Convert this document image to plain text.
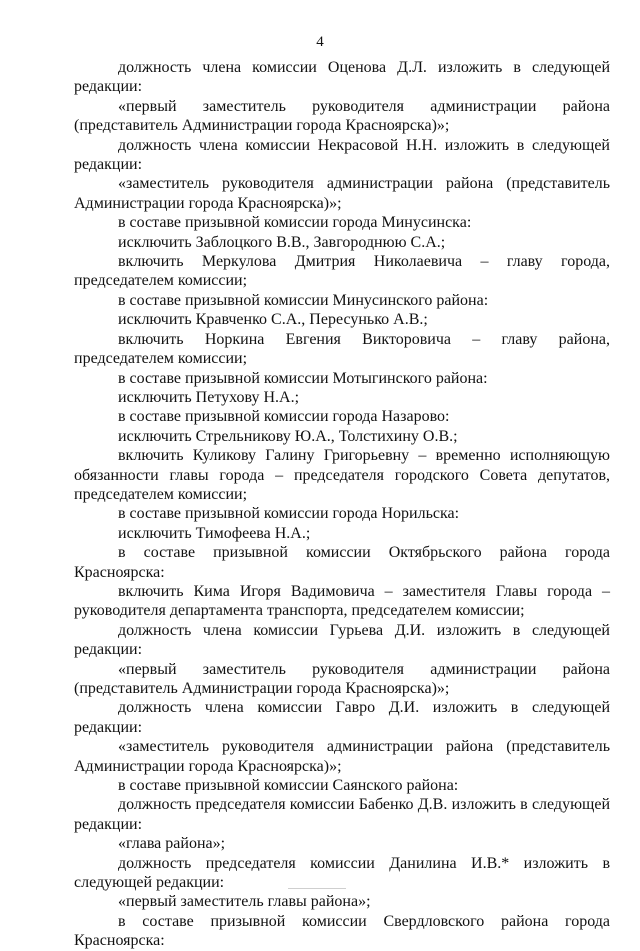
4

должность члена комиссии Оценова Д.Л. изложить в следующей редакции:

«первый заместитель руководителя администрации района (представитель Администрации города Красноярска)»;

должность члена комиссии Некрасовой Н.Н. изложить в следующей редакции:

«заместитель руководителя администрации района (представитель Администрации города Красноярска)»;

в составе призывной комиссии города Минусинска:

исключить Заблоцкого В.В., Завгороднюю С.А.;

включить Меркулова Дмитрия Николаевича – главу города, председателем комиссии;

в составе призывной комиссии Минусинского района:

исключить Кравченко С.А., Пересунько А.В.;

включить Норкина Евгения Викторовича – главу района, председателем комиссии;

в составе призывной комиссии Мотыгинского района:

исключить Петухову Н.А.;

в составе призывной комиссии города Назарово:

исключить Стрельникову Ю.А., Толстихину О.В.;

включить Куликову Галину Григорьевну – временно исполняющую обязанности главы города – председателя городского Совета депутатов, председателем комиссии;

в составе призывной комиссии города Норильска:

исключить Тимофеева Н.А.;

в составе призывной комиссии Октябрьского района города Красноярска:

включить Кима Игоря Вадимовича – заместителя Главы города – руководителя департамента транспорта, председателем комиссии;

должность члена комиссии Гурьева Д.И. изложить в следующей редакции:

«первый заместитель руководителя администрации района (представитель Администрации города Красноярска)»;

должность члена комиссии Гавро Д.И. изложить в следующей редакции:

«заместитель руководителя администрации района (представитель Администрации города Красноярска)»;

в составе призывной комиссии Саянского района:

должность председателя комиссии Бабенко Д.В. изложить в следующей редакции:

«глава района»;

должность председателя комиссии Данилина И.В.* изложить в следующей редакции:

«первый заместитель главы района»;

в составе призывной комиссии Свердловского района города Красноярска:
